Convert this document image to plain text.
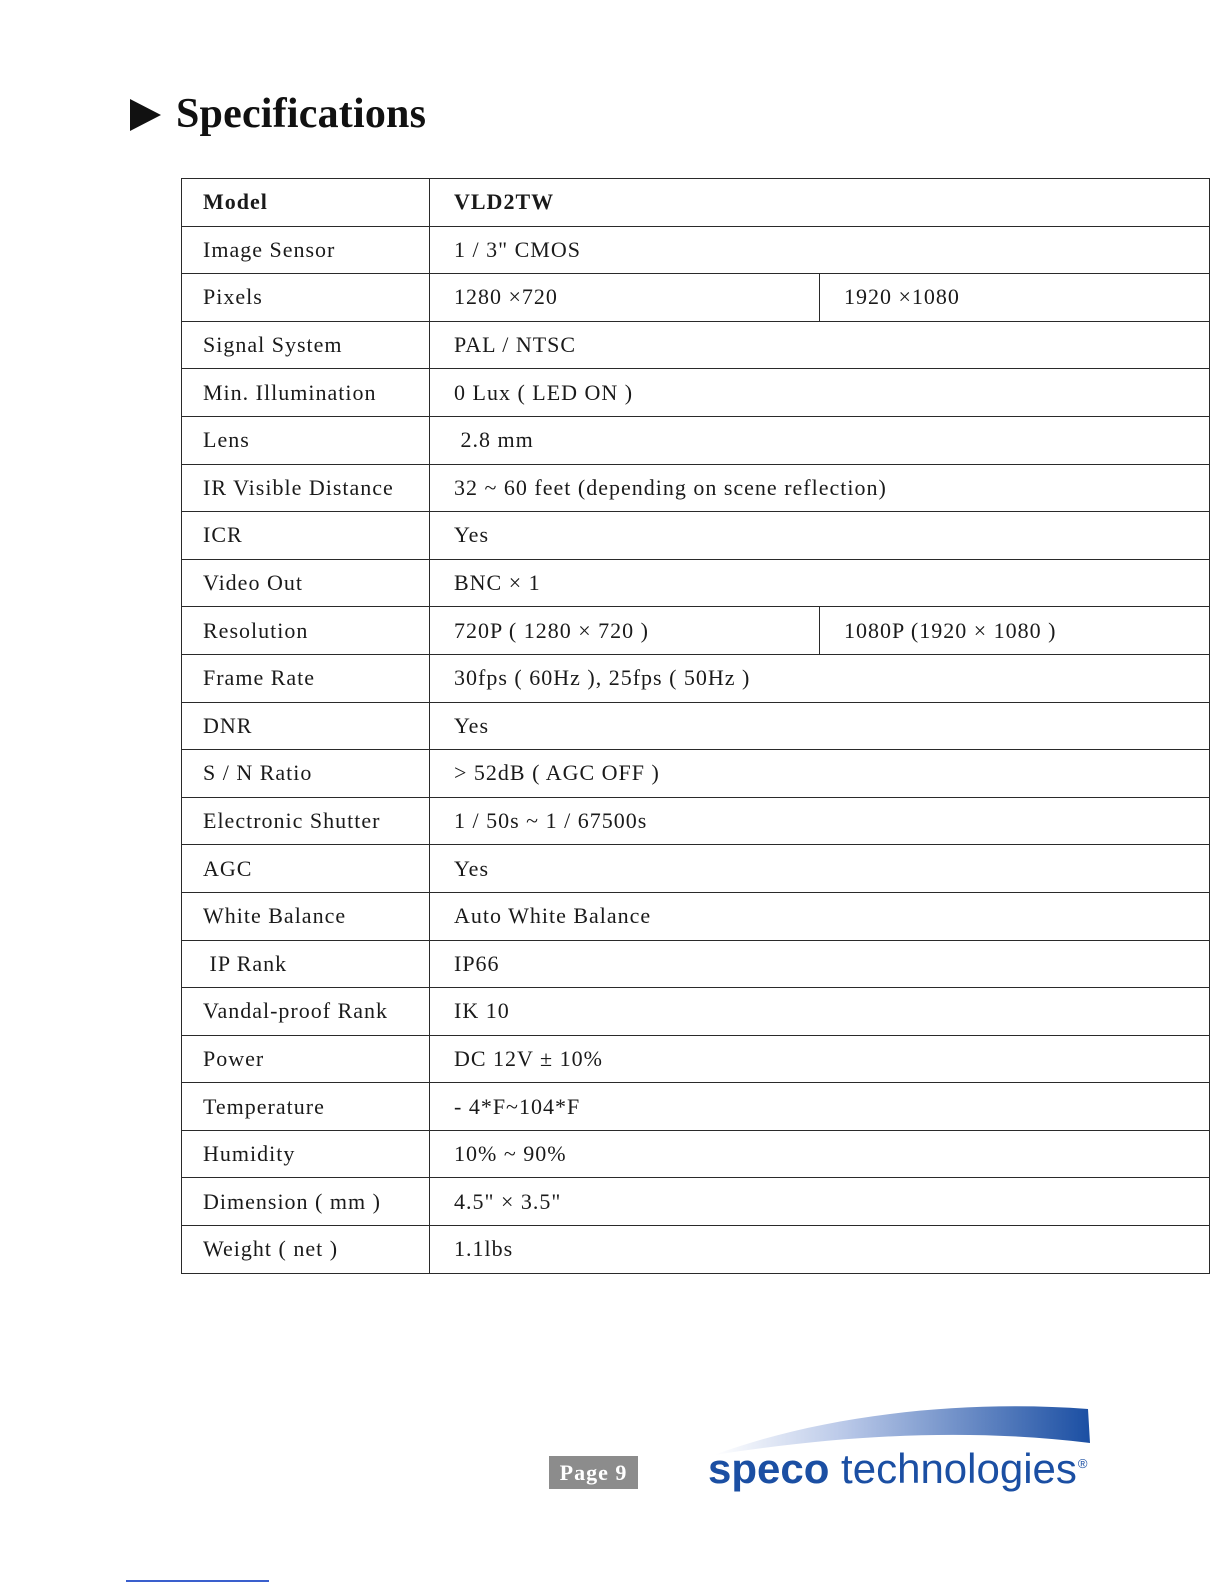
Specifications
Model	VLD2TW	
Image Sensor	1 / 3" CMOS	
Pixels	1280 ×720	1920 ×1080
Signal System	PAL / NTSC	
Min. Illumination	0 Lux ( LED ON )	
Lens	2.8 mm	
IR Visible Distance	32 ~ 60 feet (depending on scene reflection)	
ICR	Yes	
Video Out	BNC × 1	
Resolution	720P ( 1280 × 720 )	1080P (1920 × 1080 )
Frame Rate	30fps ( 60Hz ), 25fps ( 50Hz )	
DNR	Yes	
S / N Ratio	> 52dB ( AGC OFF )	
Electronic Shutter	1 / 50s ~ 1 / 67500s	
AGC	Yes	
White Balance	Auto White Balance	
IP Rank	IP66	
Vandal-proof Rank	IK 10	
Power	DC 12V ± 10%	
Temperature	- 4*F~104*F	
Humidity	10% ~ 90%	
Dimension ( mm )	4.5" × 3.5"	
Weight ( net )	1.1lbs	
Page 9 speco technologies®
